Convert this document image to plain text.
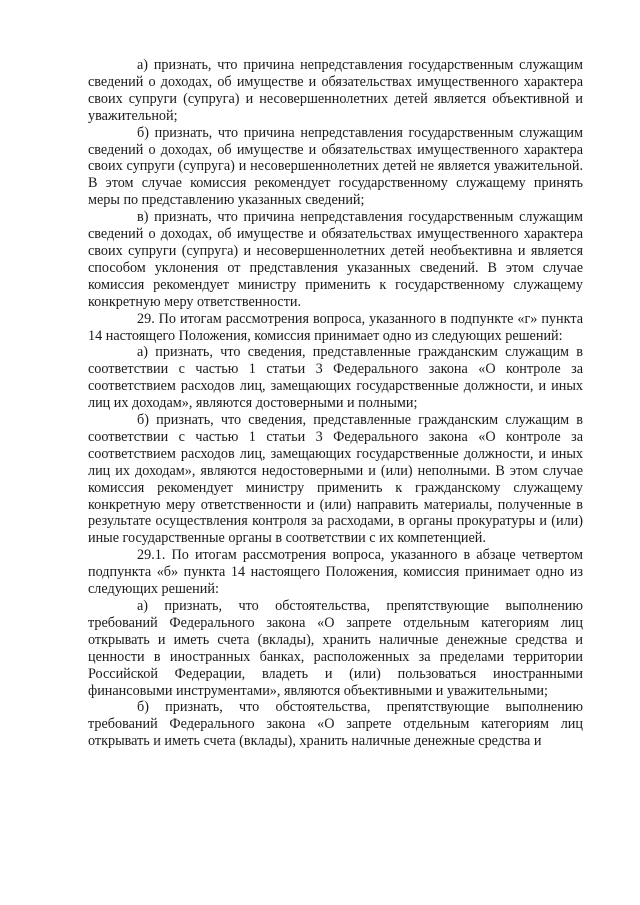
а) признать, что причина непредставления государственным служащим сведений о доходах, об имуществе и обязательствах имущественного характера своих супруги (супруга) и несовершеннолетних детей является объективной и уважительной;

б) признать, что причина непредставления государственным служащим сведений о доходах, об имуществе и обязательствах имущественного характера своих супруги (супруга) и несовершеннолетних детей не является уважительной. В этом случае комиссия рекомендует государственному служащему принять меры по представлению указанных сведений;

в) признать, что причина непредставления государственным служащим сведений о доходах, об имуществе и обязательствах имущественного характера своих супруги (супруга) и несовершеннолетних детей необъективна и является способом уклонения от представления указанных сведений. В этом случае комиссия рекомендует министру применить к государственному служащему конкретную меру ответственности.

29. По итогам рассмотрения вопроса, указанного в подпункте «г» пункта 14 настоящего Положения, комиссия принимает одно из следующих решений:

а) признать, что сведения, представленные гражданским служащим в соответствии с частью 1 статьи 3 Федерального закона «О контроле за соответствием расходов лиц, замещающих государственные должности, и иных лиц их доходам», являются достоверными и полными;

б) признать, что сведения, представленные гражданским служащим в соответствии с частью 1 статьи 3 Федерального закона «О контроле за соответствием расходов лиц, замещающих государственные должности, и иных лиц их доходам», являются недостоверными и (или) неполными. В этом случае комиссия рекомендует министру применить к гражданскому служащему конкретную меру ответственности и (или) направить материалы, полученные в результате осуществления контроля за расходами, в органы прокуратуры и (или) иные государственные органы в соответствии с их компетенцией.

29.1. По итогам рассмотрения вопроса, указанного в абзаце четвертом подпункта «б» пункта 14 настоящего Положения, комиссия принимает одно из следующих решений:

а) признать, что обстоятельства, препятствующие выполнению требований Федерального закона «О запрете отдельным категориям лиц открывать и иметь счета (вклады), хранить наличные денежные средства и ценности в иностранных банках, расположенных за пределами территории Российской Федерации, владеть и (или) пользоваться иностранными финансовыми инструментами», являются объективными и уважительными;

б) признать, что обстоятельства, препятствующие выполнению требований Федерального закона «О запрете отдельным категориям лиц открывать и иметь счета (вклады), хранить наличные денежные средства и
